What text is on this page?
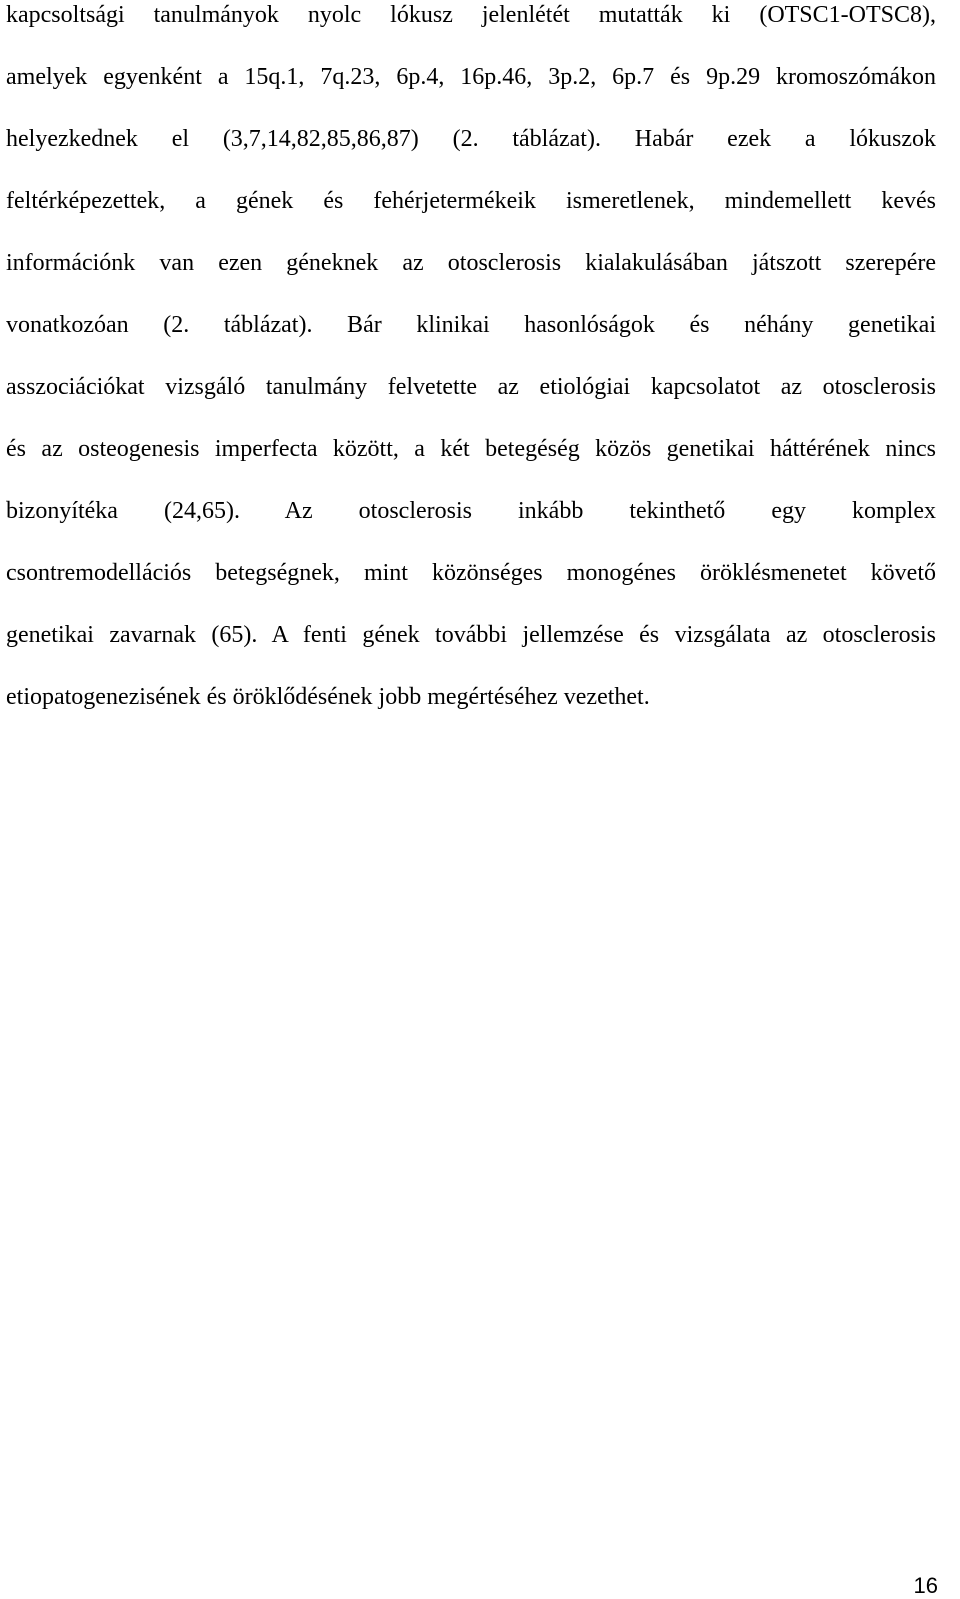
kapcsoltsági tanulmányok nyolc lókusz jelenlétét mutatták ki (OTSC1-OTSC8),
amelyek egyenként a 15q.1, 7q.23, 6p.4, 16p.46, 3p.2, 6p.7 és 9p.29 kromoszómákon
helyezkednek el (3,7,14,82,85,86,87) (2. táblázat). Habár ezek a lókuszok
feltérképezettek, a gének és fehérjetermékeik ismeretlenek, mindemellett kevés
információnk van ezen géneknek az otosclerosis kialakulásában játszott szerepére
vonatkozóan (2. táblázat). Bár klinikai hasonlóságok és néhány genetikai
asszociációkat vizsgáló tanulmány felvetette az etiológiai kapcsolatot az otosclerosis
és az osteogenesis imperfecta között, a két betegéség közös genetikai háttérének nincs
bizonyítéka (24,65). Az otosclerosis inkább tekinthető egy komplex
csontremodellációs betegségnek, mint közönséges monogénes öröklésmenetet követő
genetikai zavarnak (65). A fenti gének további jellemzése és vizsgálata az otosclerosis
etiopatogenezisének és öröklődésének jobb megértéséhez vezethet.
16
